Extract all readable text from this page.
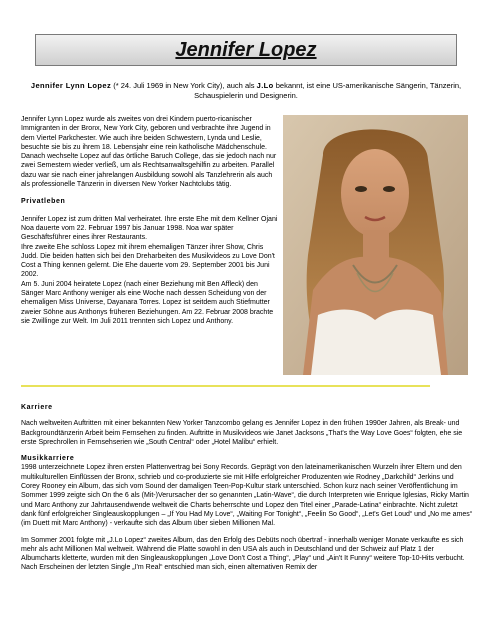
Jennifer Lopez
Jennifer Lynn Lopez (* 24. Juli 1969 in New York City), auch als J.Lo bekannt, ist eine US-amerikanische Sängerin, Tänzerin, Schauspielerin und Designerin.

Jennifer Lynn Lopez wurde als zweites von drei Kindern puerto-ricanischer Immigranten in der Bronx, New York City, geboren und verbrachte ihre Jugend in dem Viertel Parkchester. Wie auch ihre beiden Schwestern, Lynda und Leslie, besuchte sie bis zu ihrem 18. Lebensjahr eine rein katholische Mädchenschule. Danach wechselte Lopez auf das örtliche Baruch College, das sie jedoch nach nur zwei Semestern wieder verließ, um als Rechtsanwaltsgehilfin zu arbeiten. Parallel dazu war sie nach einer jahrelangen Ausbildung sowohl als Tanzlehrerin als auch als professionelle Tänzerin in diversen New Yorker Nachtclubs tätig.

Privatleben

Jennifer Lopez ist zum dritten Mal verheiratet. Ihre erste Ehe mit dem Kellner Ojani Noa dauerte vom 22. Februar 1997 bis Januar 1998. Noa war später Geschäftsführer eines ihrer Restaurants.
Ihre zweite Ehe schloss Lopez mit ihrem ehemaligen Tänzer ihrer Show, Chris Judd. Die beiden hatten sich bei den Dreharbeiten des Musikvideos zu Love Don't Cost a Thing kennen gelernt. Die Ehe dauerte vom 29. September 2001 bis Juni 2002.
Am 5. Juni 2004 heiratete Lopez (nach einer Beziehung mit Ben Affleck) den Sänger Marc Anthony weniger als eine Woche nach dessen Scheidung von der ehemaligen Miss Universe, Dayanara Torres. Lopez ist seitdem auch Stiefmutter zweier Söhne aus Anthonys früheren Beziehungen. Am 22. Februar 2008 brachte sie Zwillinge zur Welt. Im Juli 2011 trennten sich Lopez und Anthony.

Karriere

Nach weltweiten Auftritten mit einer bekannten New Yorker Tanzcombo gelang es Jennifer Lopez in den frühen 1990er Jahren, als Break- und Backgroundtänzerin Arbeit beim Fernsehen zu finden. Auftritte in Musikvideos wie Janet Jacksons „That's the Way Love Goes“ folgten, ehe sie erste Sprechrollen in Fernsehserien wie „South Central“ oder „Hotel Malibu“ erhielt.

Musikkarriere

1998 unterzeichnete Lopez ihren ersten Plattenvertrag bei Sony Records. Geprägt von den lateinamerikanischen Wurzeln ihrer Eltern und den multikulturellen Einflüssen der Bronx, schrieb und co-produzierte sie mit Hilfe erfolgreicher Produzenten wie Rodney „Darkchild“ Jerkins und Corey Rooney ein Album, das sich vom Sound der damaligen Teen-Pop-Kultur stark unterschied. Schon kurz nach seiner Veröffentlichung im Sommer 1999 zeigte sich On the 6 als (Mit-)Verursacher der so genannten „Latin-Wave“, die durch Interpreten wie Enrique Iglesias, Ricky Martin und Marc Anthony zur Jahrtausendwende weltweit die Charts beherrschte und Lopez den Titel einer „Parade-Latina“ einbrachte. Nicht zuletzt dank fünf erfolgreicher Singleauskopplungen – „If You Had My Love“, „Waiting For Tonight“, „Feelin So Good“, „Let's Get Loud“ und „No me ames“ (im Duett mit Marc Anthony) - verkaufte sich das Album über sieben Millionen Mal.

Im Sommer 2001 folgte mit „J.Lo Lopez“ zweites Album, das den Erfolg des Debüts noch übertraf - innerhalb weniger Monate verkaufte es sich mehr als acht Millionen Mal weltweit. Während die Platte sowohl in den USA als auch in Deutschland und der Schweiz auf Platz 1 der Albumcharts kletterte, wurden mit den Singleauskopplungen „Love Don't Cost a Thing“, „Play“ und „Ain't It Funny“ weitere Top-10-Hits verbucht. Nach Erscheinen der letzten Single „I'm Real“ entschied man sich, einen alternativen Remix der
